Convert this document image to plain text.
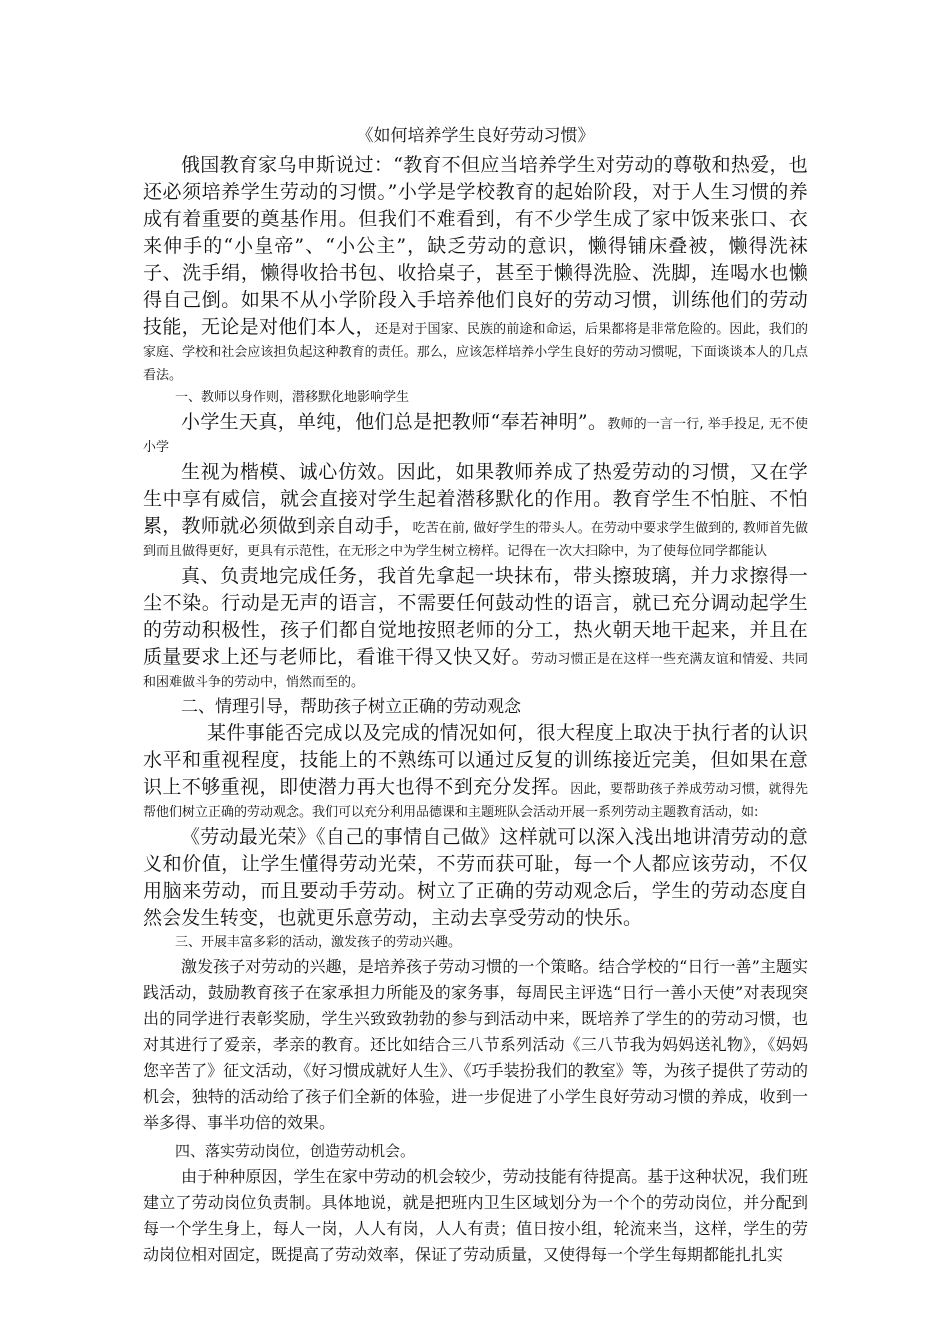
《如何培养学生良好劳动习惯》

俄国教育家乌申斯说过：“教育不但应当培养学生对劳动的尊敬和热爱，也还必须培养学生劳动的习惯。”小学是学校教育的起始阶段，对于人生习惯的养成有着重要的奠基作用。但我们不难看到，有不少学生成了家中饭来张口、衣来伸手的“小皇帝”、“小公主”，缺乏劳动的意识，懒得铺床叠被，懒得洗袜子、洗手绢，懒得收拾书包、收拾桌子，甚至于懒得洗脸、洗脚，连喝水也懒得自己倒。如果不从小学阶段入手培养他们良好的劳动习惯，训练他们的劳动技能，无论是对他们本人，还是对于国家、民族的前途和命运，后果都将是非常危险的。因此，我们的家庭、学校和社会应该担负起这种教育的责任。那么，应该怎样培养小学生良好的劳动习惯呢，下面谈谈本人的几点看法。

一、教师以身作则，潜移默化地影响学生

小学生天真，单纯，他们总是把教师“奉若神明”。教师的一言一行, 举手投足, 无不使小学

生视为楷模、诚心仿效。因此，如果教师养成了热爱劳动的习惯，又在学生中享有威信，就会直接对学生起着潜移默化的作用。教育学生不怕脏、不怕累，教师就必须做到亲自动手，吃苦在前, 做好学生的带头人。在劳动中要求学生做到的, 教师首先做到而且做得更好，更具有示范性，在无形之中为学生树立榜样。记得在一次大扫除中，为了使每位同学都能认

真、负责地完成任务，我首先拿起一块抹布，带头擦玻璃，并力求擦得一尘不染。行动是无声的语言，不需要任何鼓动性的语言，就已充分调动起学生的劳动积极性，孩子们都自觉地按照老师的分工，热火朝天地干起来，并且在质量要求上还与老师比，看谁干得又快又好。劳动习惯正是在这样一些充满友谊和情爱、共同和困难做斗争的劳动中，悄然而至的。

二、情理引导，帮助孩子树立正确的劳动观念

某件事能否完成以及完成的情况如何，很大程度上取决于执行者的认识水平和重视程度，技能上的不熟练可以通过反复的训练接近完美，但如果在意识上不够重视，即使潜力再大也得不到充分发挥。因此，要帮助孩子养成劳动习惯，就得先帮他们树立正确的劳动观念。我们可以充分利用品德课和主题班队会活动开展一系列劳动主题教育活动，如:

《劳动最光荣》《自己的事情自己做》这样就可以深入浅出地讲清劳动的意义和价值，让学生懂得劳动光荣，不劳而获可耻，每一个人都应该劳动，不仅用脑来劳动，而且要动手劳动。树立了正确的劳动观念后，学生的劳动态度自然会发生转变，也就更乐意劳动，主动去享受劳动的快乐。

三、开展丰富多彩的活动，激发孩子的劳动兴趣。

激发孩子对劳动的兴趣，是培养孩子劳动习惯的一个策略。结合学校的“日行一善”主题实践活动，鼓励教育孩子在家承担力所能及的家务事，每周民主评选“日行一善小天使”对表现突出的同学进行表彰奖励，学生兴致致勃勃的参与到活动中来，既培养了学生的的劳动习惯，也对其进行了爱亲，孝亲的教育。还比如结合三八节系列活动《三八节我为妈妈送礼物》，《妈妈您辛苦了》征文活动，《好习惯成就好人生》、《巧手装扮我们的教室》等，为孩子提供了劳动的机会，独特的活动给了孩子们全新的体验，进一步促进了小学生良好劳动习惯的养成，收到一举多得、事半功倍的效果。

四、落实劳动岗位，创造劳动机会。

由于种种原因，学生在家中劳动的机会较少，劳动技能有待提高。基于这种状况，我们班建立了劳动岗位负责制。具体地说，就是把班内卫生区域划分为一个个的劳动岗位，并分配到每一个学生身上，每人一岗，人人有岗，人人有责；值日按小组，轮流来当，这样，学生的劳动岗位相对固定，既提高了劳动效率，保证了劳动质量，又使得每一个学生每期都能扎扎实
